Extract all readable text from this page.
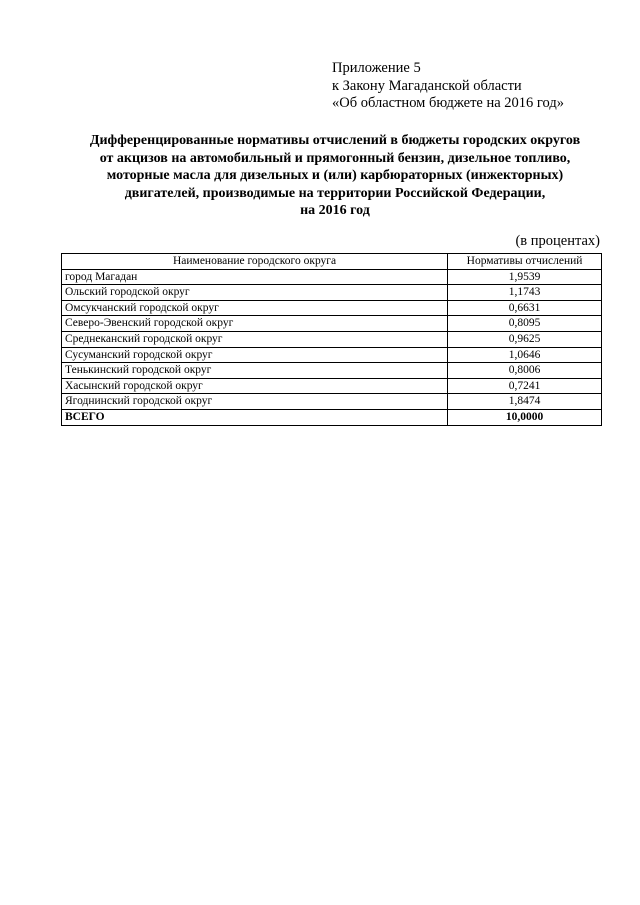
Приложение 5
к Закону Магаданской области
«Об областном бюджете на 2016 год»
Дифференцированные нормативы отчислений в бюджеты городских округов
от акцизов на автомобильный и прямогонный бензин, дизельное топливо,
моторные масла для дизельных и (или) карбюраторных (инжекторных)
двигателей, производимые на территории Российской Федерации,
на 2016 год
(в процентах)
Наименование городского округа	Нормативы отчислений
город Магадан	1,9539
Ольский городской округ	1,1743
Омсукчанский городской округ	0,6631
Северо-Эвенский городской округ	0,8095
Среднеканский городской округ	0,9625
Сусуманский городской округ	1,0646
Тенькинский городской округ	0,8006
Хасынский городской округ	0,7241
Ягоднинский городской округ	1,8474
ВСЕГО	10,0000
